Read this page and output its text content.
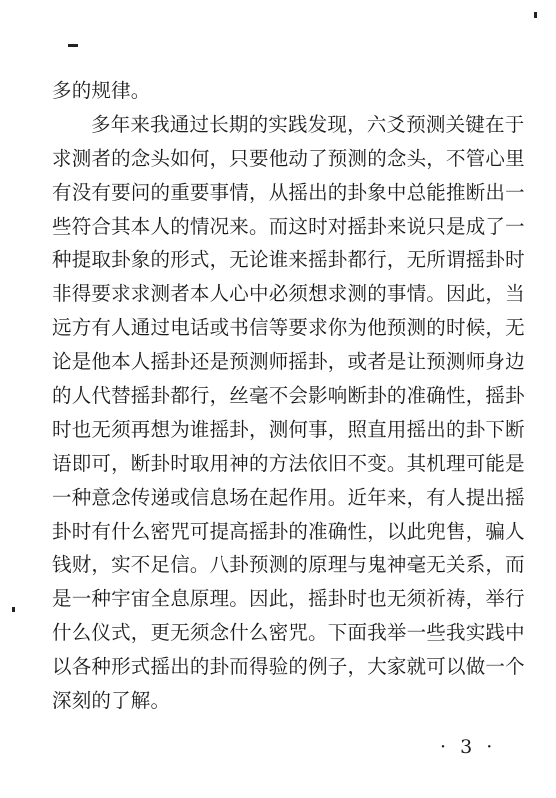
多的规律。
多年来我通过长期的实践发现，六爻预测关键在于
求测者的念头如何，只要他动了预测的念头，不管心里
有没有要问的重要事情，从摇出的卦象中总能推断出一
些符合其本人的情况来。而这时对摇卦来说只是成了一
种提取卦象的形式，无论谁来摇卦都行，无所谓摇卦时
非得要求求测者本人心中必须想求测的事情。因此，当
远方有人通过电话或书信等要求你为他预测的时候，无
论是他本人摇卦还是预测师摇卦，或者是让预测师身边
的人代替摇卦都行，丝毫不会影响断卦的准确性，摇卦
时也无须再想为谁摇卦，测何事，照直用摇出的卦下断
语即可，断卦时取用神的方法依旧不变。其机理可能是
一种意念传递或信息场在起作用。近年来，有人提出摇
卦时有什么密咒可提高摇卦的准确性，以此兜售，骗人
钱财，实不足信。八卦预测的原理与鬼神毫无关系，而
是一种宇宙全息原理。因此，摇卦时也无须祈祷，举行
什么仪式，更无须念什么密咒。下面我举一些我实践中
以各种形式摇出的卦而得验的例子，大家就可以做一个
深刻的了解。
· 3 ·
